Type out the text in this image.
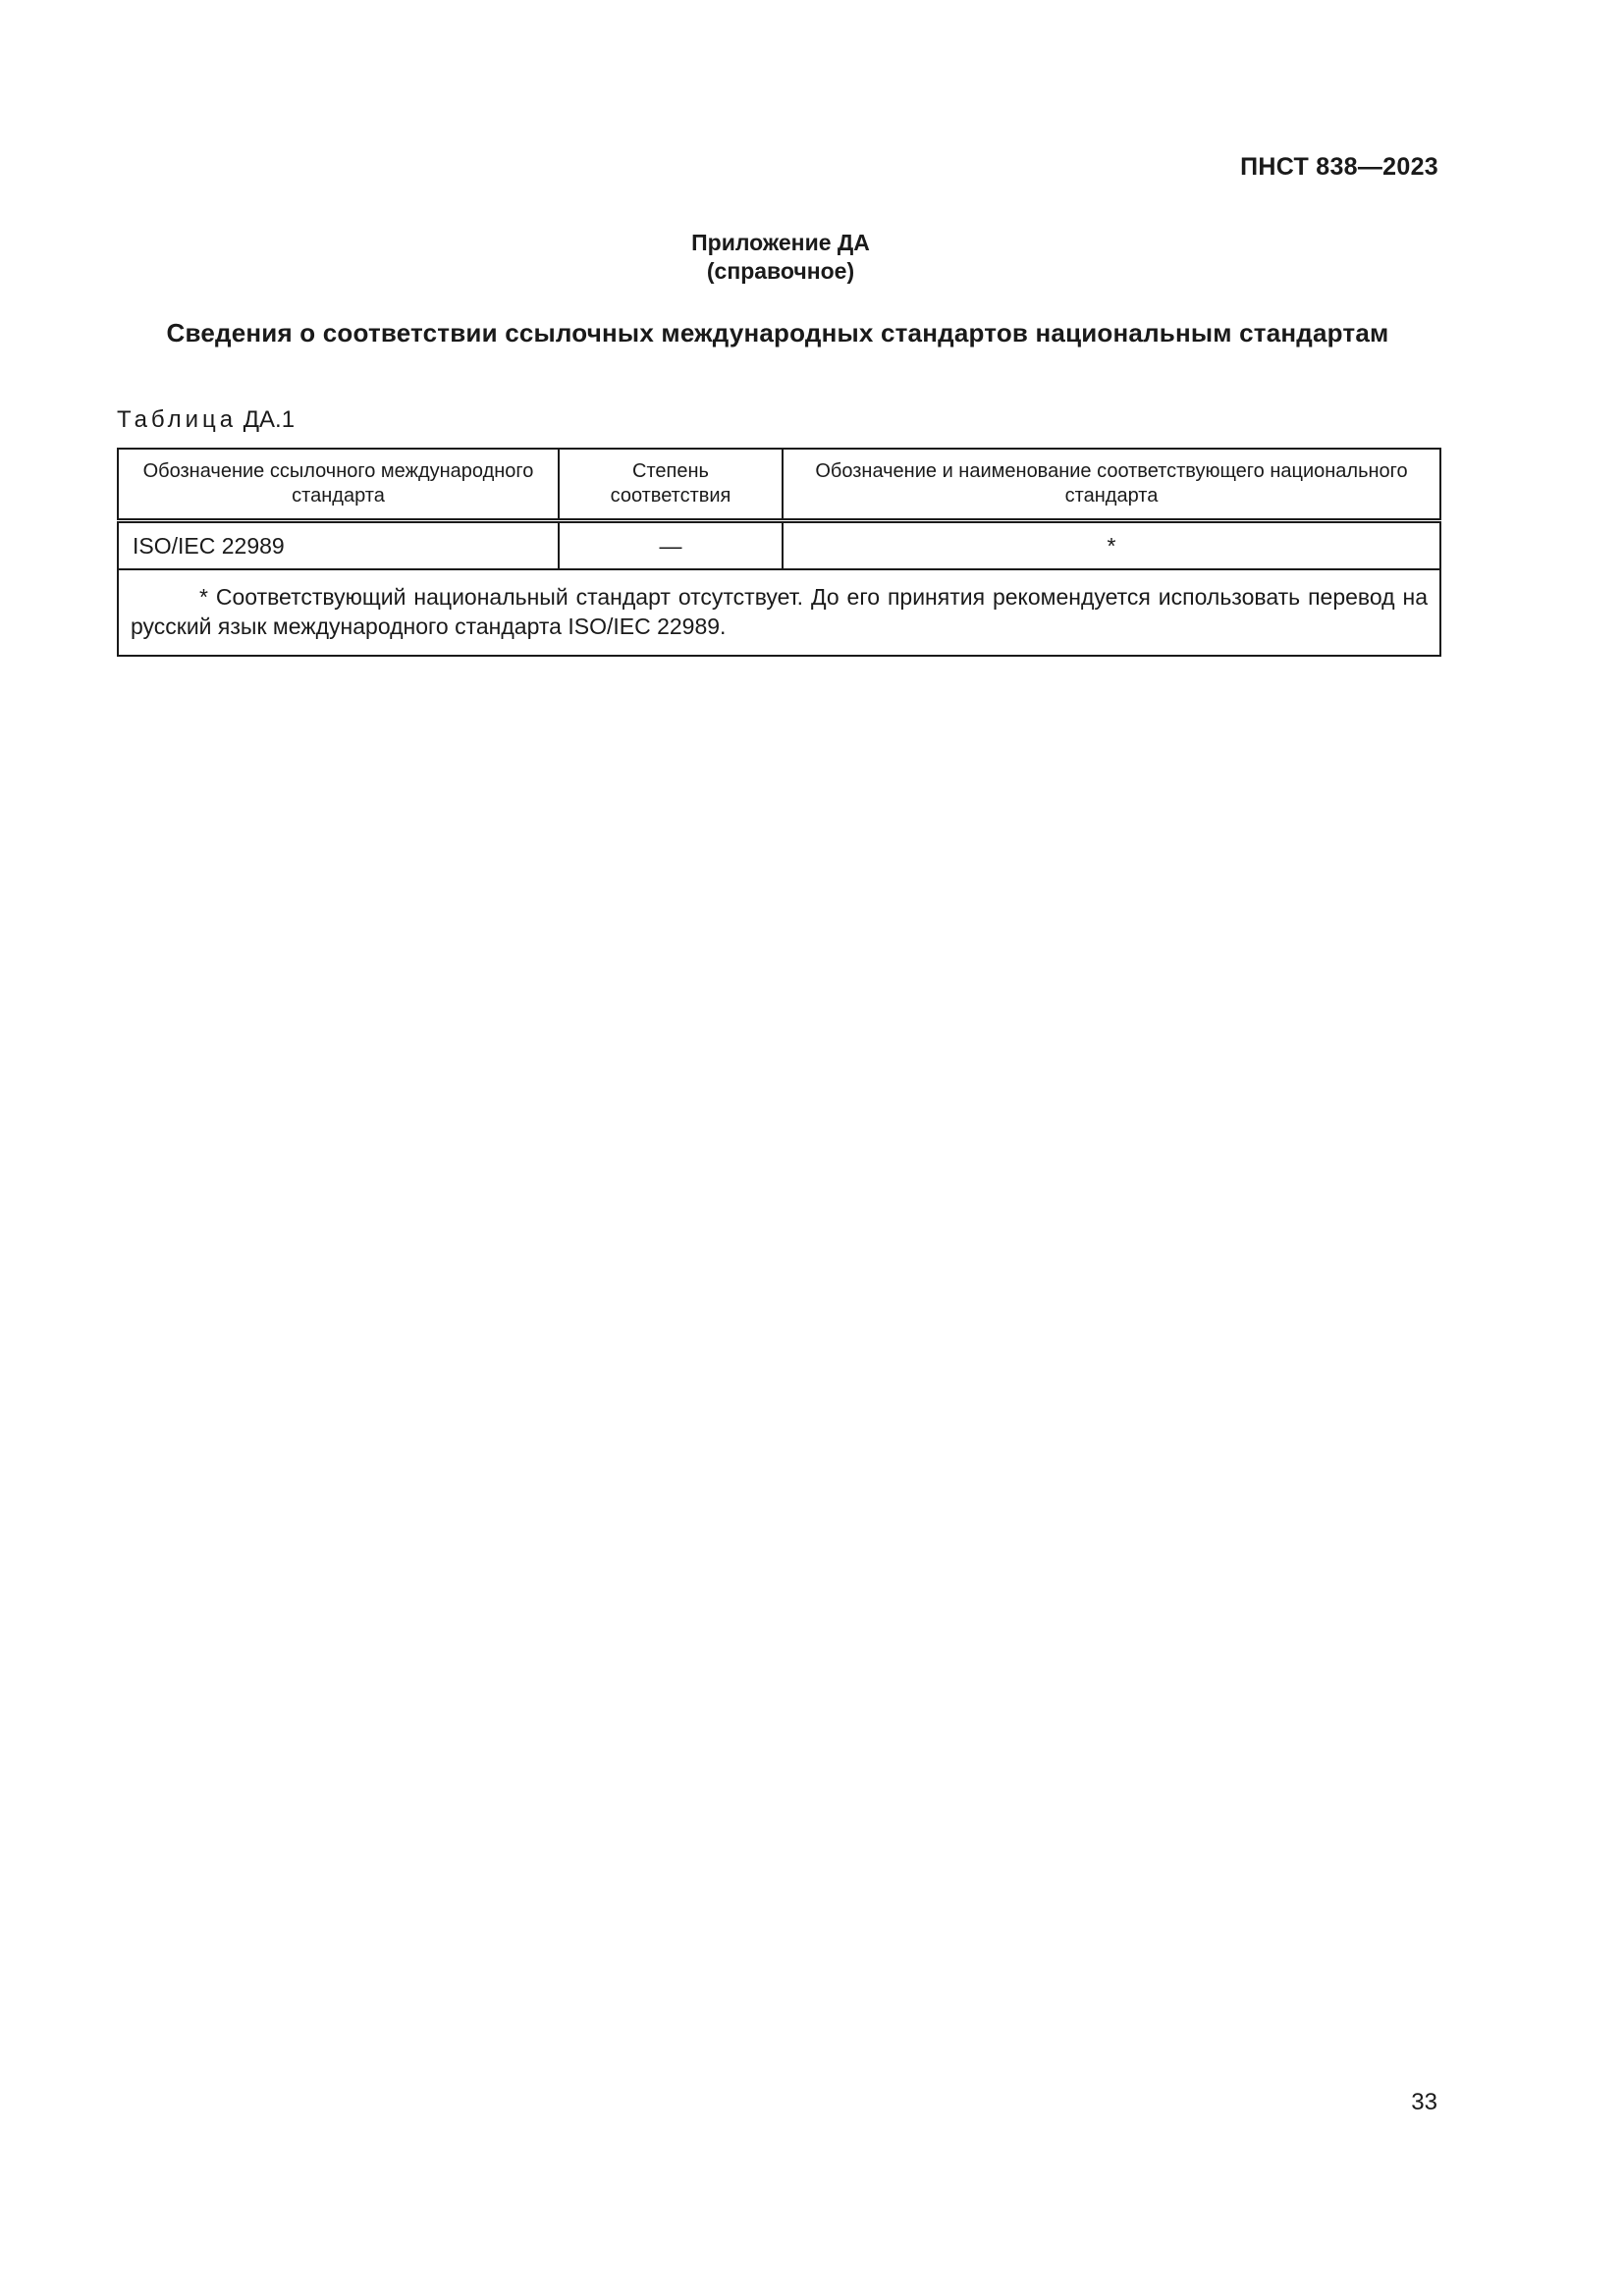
ПНСТ 838—2023
Приложение ДА
(справочное)
Сведения о соответствии ссылочных международных стандартов национальным стандартам
Таблица ДА.1
Обозначение ссылочного международного стандарта	Степень соответствия	Обозначение и наименование соответствующего национального стандарта
ISO/IEC 22989	—	*
* Соответствующий национальный стандарт отсутствует. До его принятия рекомендуется использовать перевод на русский язык международного стандарта ISO/IEC 22989.		
33
